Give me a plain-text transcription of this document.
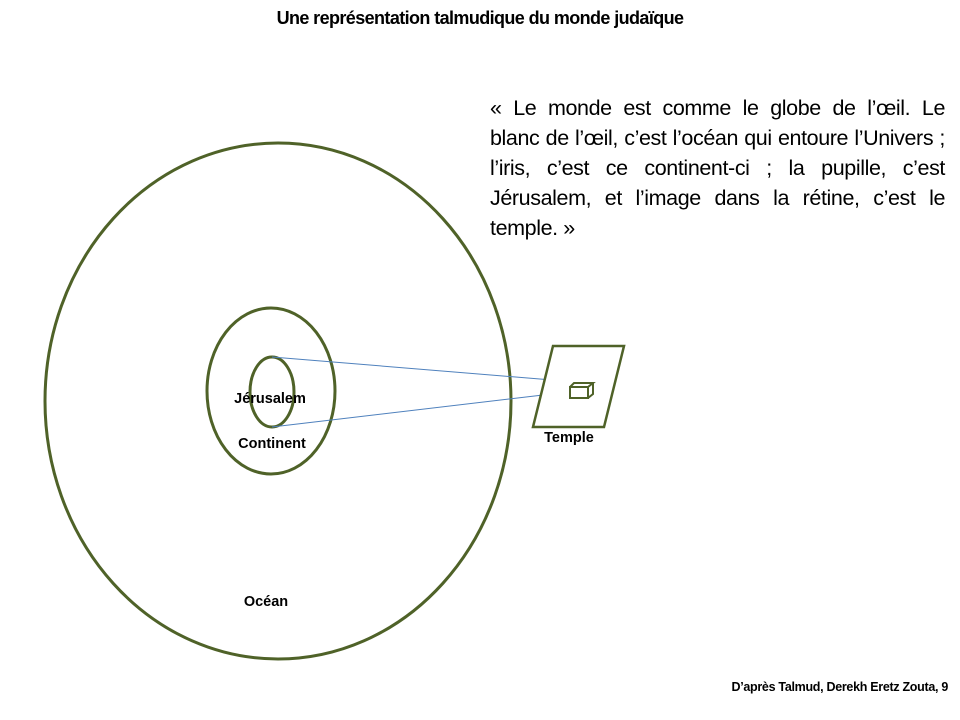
Une représentation talmudique du monde judaïque
« Le monde est comme le globe de l’œil. Le blanc de l’œil, c’est l’océan qui entoure l’Univers ; l’iris, c’est ce continent-ci ; la pupille, c’est Jérusalem, et l’image dans la rétine, c’est le temple. »
Jérusalem
Continent
Océan
Temple
D’après Talmud, Derekh Eretz Zouta, 9
